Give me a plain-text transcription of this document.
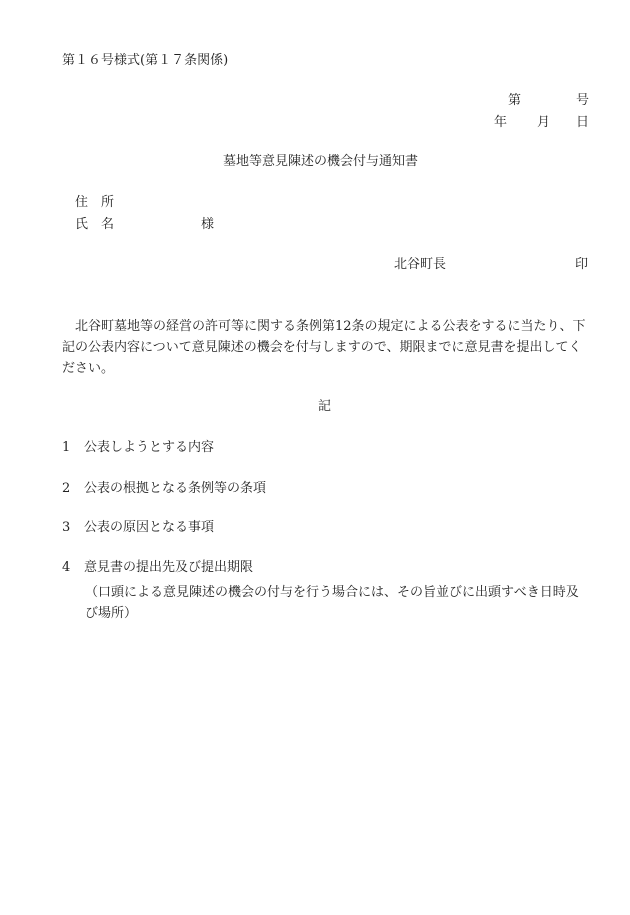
第１６号様式(第１７条関係)
第	号
年 月 日
墓地等意見陳述の機会付与通知書
住　所
氏　名	様
北谷町長	印
北谷町墓地等の経営の許可等に関する条例第12条の規定による公表をするに当たり、下記の公表内容について意見陳述の機会を付与しますので、期限までに意見書を提出してください。
記
1	公表しようとする内容
2	公表の根拠となる条例等の条項
3	公表の原因となる事項
4	意見書の提出先及び提出期限
（口頭による意見陳述の機会の付与を行う場合には、その旨並びに出頭すべき日時及び場所）
